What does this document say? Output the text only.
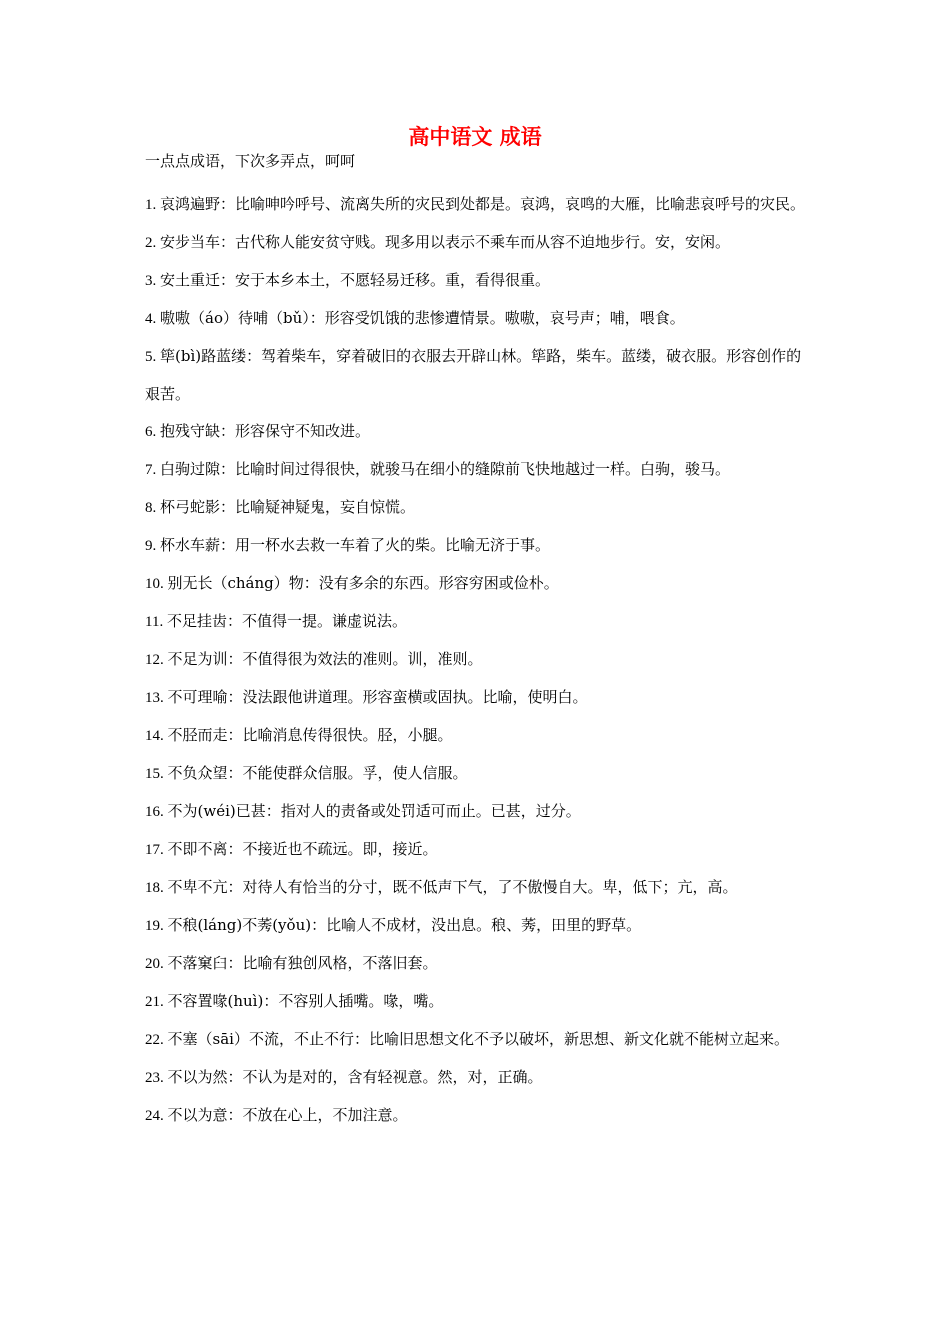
高中语文 成语
一点点成语，下次多弄点，呵呵

1. 哀鸿遍野：比喻呻吟呼号、流离失所的灾民到处都是。哀鸿，哀鸣的大雁，比喻悲哀呼号的灾民。

2. 安步当车：古代称人能安贫守贱。现多用以表示不乘车而从容不迫地步行。安，安闲。

3. 安土重迁：安于本乡本土，不愿轻易迁移。重，看得很重。

4. 嗷嗷（áo）待哺（bǔ）：形容受饥饿的悲惨遭情景。嗷嗷，哀号声；哺，喂食。

5. 筚(bì)路蓝缕：驾着柴车，穿着破旧的衣服去开辟山林。筚路，柴车。蓝缕，破衣服。形容创作的艰苦。

6. 抱残守缺：形容保守不知改进。

7. 白驹过隙：比喻时间过得很快，就骏马在细小的缝隙前飞快地越过一样。白驹，骏马。

8. 杯弓蛇影：比喻疑神疑鬼，妄自惊慌。

9. 杯水车薪：用一杯水去救一车着了火的柴。比喻无济于事。

10. 别无长（cháng）物：没有多余的东西。形容穷困或俭朴。

11. 不足挂齿：不值得一提。谦虚说法。

12. 不足为训：不值得很为效法的准则。训，准则。

13. 不可理喻：没法跟他讲道理。形容蛮横或固执。比喻，使明白。

14. 不胫而走：比喻消息传得很快。胫，小腿。

15. 不负众望：不能使群众信服。孚，使人信服。

16. 不为(wéi)已甚：指对人的责备或处罚适可而止。已甚，过分。

17. 不即不离：不接近也不疏远。即，接近。

18. 不卑不亢：对待人有恰当的分寸，既不低声下气，了不傲慢自大。卑，低下；亢，高。

19. 不稂(láng)不莠(yǒu)：比喻人不成材，没出息。稂、莠，田里的野草。

20. 不落窠臼：比喻有独创风格，不落旧套。

21. 不容置喙(huì)：不容别人插嘴。喙，嘴。

22. 不塞（sāi）不流，不止不行：比喻旧思想文化不予以破坏，新思想、新文化就不能树立起来。

23. 不以为然：不认为是对的，含有轻视意。然，对，正确。

24. 不以为意：不放在心上，不加注意。
